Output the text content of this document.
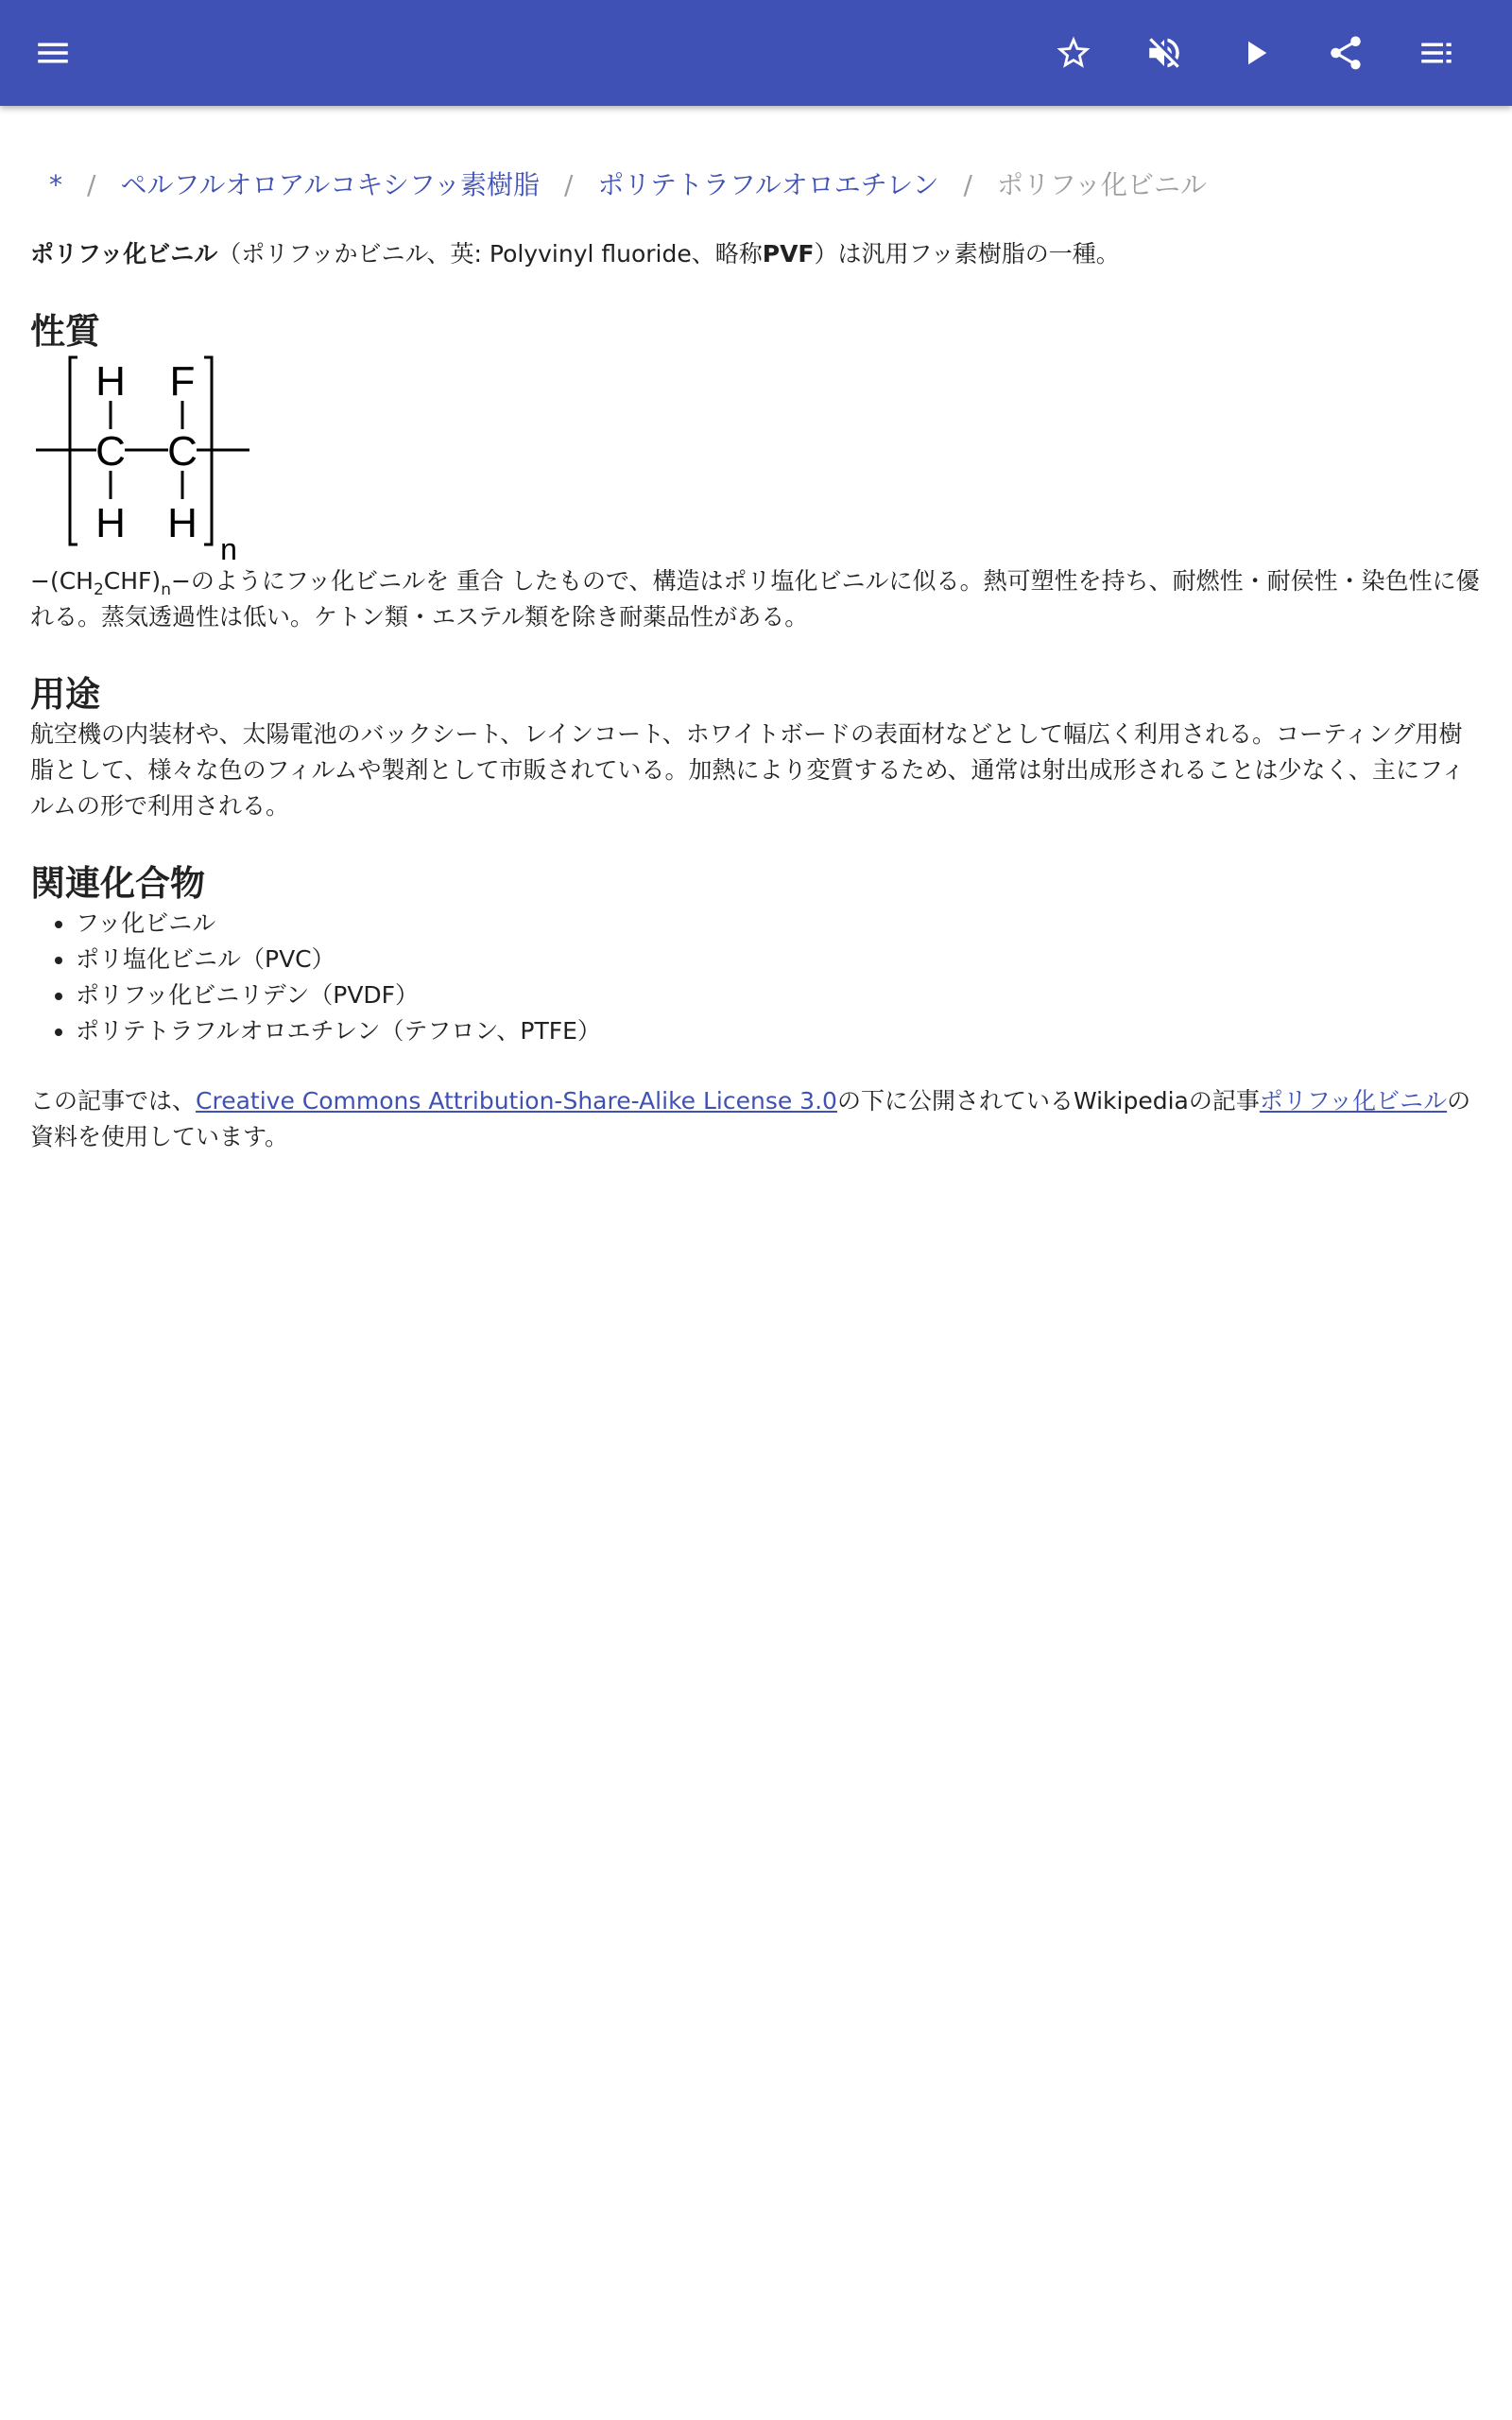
* / ペルフルオロアルコキシフッ素樹脂 / ポリテトラフルオロエチレン / ポリフッ化ビニル

ポリフッ化ビニル（ポリフッかビニル、英: Polyvinyl fluoride、略称PVF）は汎用フッ素樹脂の一種。

性質
H F
C C
H H
n

$-(CH_2CHF)_n-$のようにフッ化ビニルを 重合 したもので、構造はポリ塩化ビニルに似る。熱可塑性を持ち、耐燃性・耐侯性・染色性に優れる。蒸気透過性は低い。ケトン類・エステル類を除き耐薬品性がある。

用途

航空機の内装材や、太陽電池のバックシート、レインコート、ホワイトボードの表面材などとして幅広く利用される。コーティング用樹脂として、様々な色のフィルムや製剤として市販されている。加熱により変質するため、通常は射出成形されることは少なく、主にフィルムの形で利用される。

関連化合物
• フッ化ビニル
• ポリ塩化ビニル（PVC）
• ポリフッ化ビニリデン（PVDF）
• ポリテトラフルオロエチレン（テフロン、PTFE）

この記事では、Creative Commons Attribution-Share-Alike License 3.0の下に公開されているWikipediaの記事ポリフッ化ビニルの資料を使用しています。
